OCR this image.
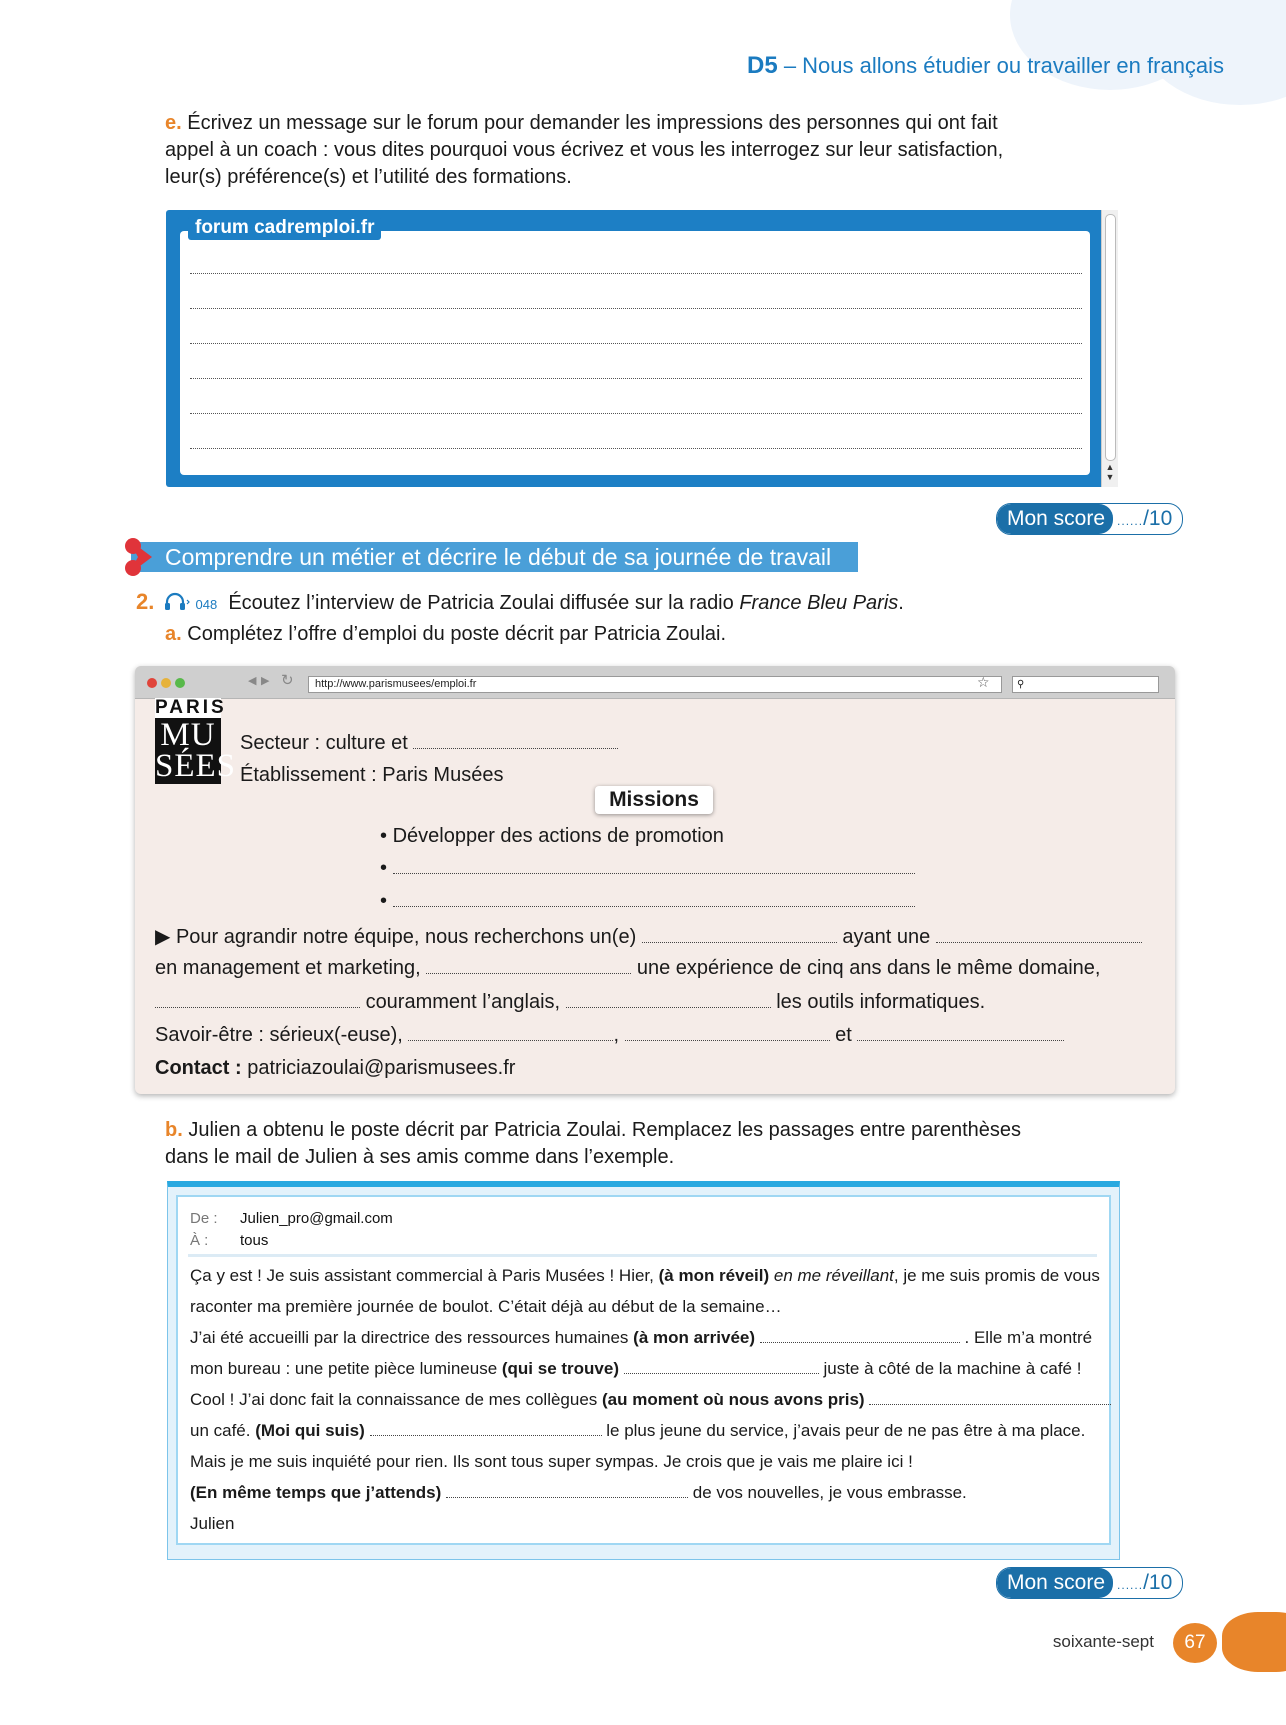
D5 – Nous allons étudier ou travailler en français
e. Écrivez un message sur le forum pour demander les impressions des personnes qui ont fait
appel à un coach : vous dites pourquoi vous écrivez et vous les interrogez sur leur satisfaction,
leur(s) préférence(s) et l’utilité des formations.
forum cadremploi.fr
▲
▼
Mon score	....../10
Comprendre un métier et décrire le début de sa journée de travail
2.	048 Écoutez l’interview de Patricia Zoulai diffusée sur la radio France Bleu Paris.
a. Complétez l’offre d’emploi du poste décrit par Patricia Zoulai.
◀ ▶ ↻	http://www.parismusees/emploi.fr	☆	⚲
PARIS
MU
SÉES
Secteur : culture et
Établissement : Paris Musées
Missions
• Développer des actions de promotion
•
•
▶ Pour agrandir notre équipe, nous recherchons un(e)	ayant une
en management et marketing,	une expérience de cinq ans dans le même domaine,
couramment l’anglais,	les outils informatiques.
Savoir-être : sérieux(-euse),	,	et
Contact : patriciazoulai@parismusees.fr
b. Julien a obtenu le poste décrit par Patricia Zoulai. Remplacez les passages entre parenthèses
dans le mail de Julien à ses amis comme dans l’exemple.
De : Julien_pro@gmail.com
À : tous
Ça y est ! Je suis assistant commercial à Paris Musées ! Hier, (à mon réveil) en me réveillant, je me suis promis de vous
raconter ma première journée de boulot. C’était déjà au début de la semaine…
J’ai été accueilli par la directrice des ressources humaines (à mon arrivée)	. Elle m’a montré
mon bureau : une petite pièce lumineuse (qui se trouve)	juste à côté de la machine à café !
Cool ! J’ai donc fait la connaissance de mes collègues (au moment où nous avons pris)
un café. (Moi qui suis)	le plus jeune du service, j’avais peur de ne pas être à ma place.
Mais je me suis inquiété pour rien. Ils sont tous super sympas. Je crois que je vais me plaire ici !
(En même temps que j’attends)	de vos nouvelles, je vous embrasse.
Julien
Mon score	....../10
soixante-sept	67
